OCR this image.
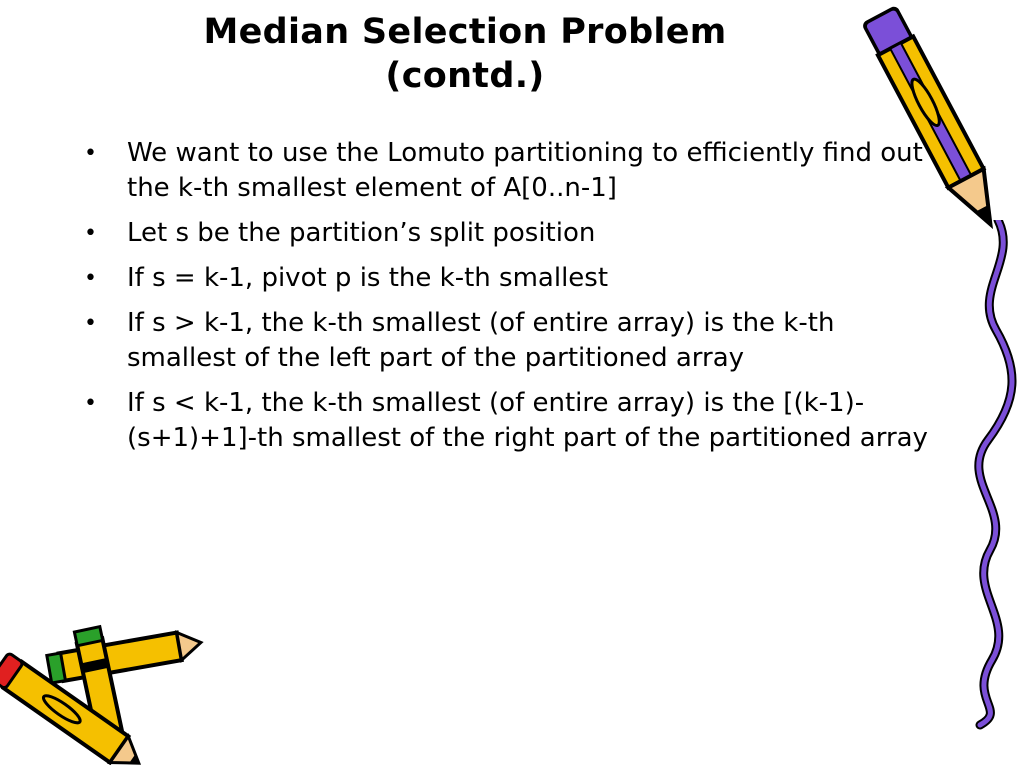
Median Selection Problem
(contd.)
• We want to use the Lomuto partitioning to efficiently find out the k-th smallest element of A[0..n-1]
• Let s be the partition’s split position
• If s = k-1, pivot p is the k-th smallest
• If s > k-1, the k-th smallest (of entire array) is the k-th smallest of the left part of the partitioned array
• If s < k-1, the k-th smallest (of entire array) is the [(k-1)-(s+1)+1]-th smallest of the right part of the partitioned array
